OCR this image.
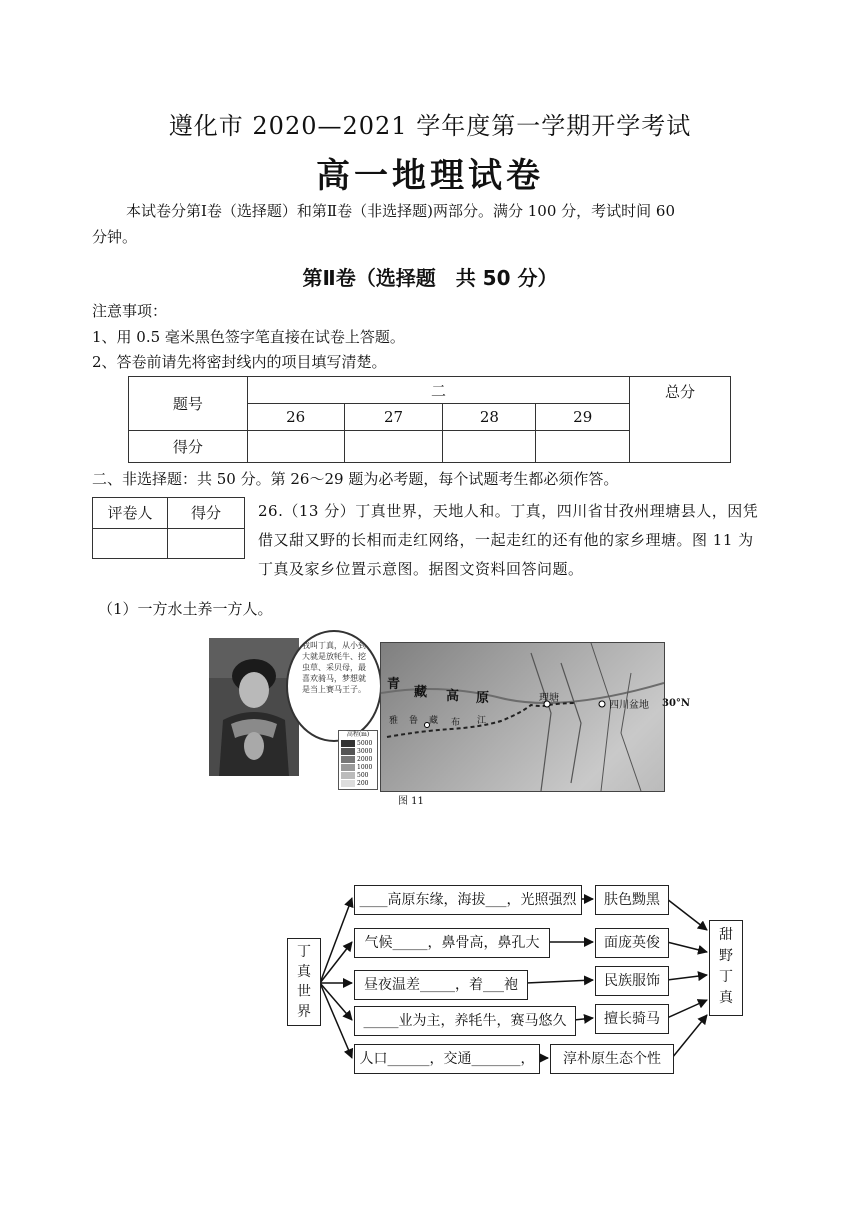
遵化市 2020—2021 学年度第一学期开学考试
高一地理试卷
本试卷分第Ⅰ卷（选择题）和第Ⅱ卷（非选择题)两部分。满分 100 分，考试时间 60
分钟。
第Ⅱ卷（选择题　共 50 分）
注意事项：
1、用 0.5 毫米黑色签字笔直接在试卷上答题。
2、答卷前请先将密封线内的项目填写清楚。
题号	二				总分
	26	27	28	29	
得分					
二、非选择题：共 50 分。第 26～29 题为必考题，每个试题考生都必须作答。
评卷人	得分
	26.（13 分）丁真世界，天地人和。丁真，四川省甘孜州理塘县人，因凭借又甜又野的长相而走红网络，一起走红的还有他的家乡理塘。图 11 为丁真及家乡位置示意图。据图文资料回答问题。
（1）一方水土养一方人。
我叫丁真，从小到大就是放牦牛、挖虫草、采贝母，最喜欢骑马，梦想就是当上赛马王子。 青
藏 高 原
雅 鲁 藏 布 江
理塘
四川盆地 30°N
高程(m)
5000
3000
2000
1000
500
200
图 11
丁
真
世
界
____高原东缘，海拔___，光照强烈
气候_____，鼻骨高，鼻孔大
昼夜温差_____，着___袍
_____业为主，养牦牛，赛马悠久
人口______，交通_______，
肤色黝黑
面庞英俊
民族服饰
擅长骑马
淳朴原生态个性
甜
野
丁
真
